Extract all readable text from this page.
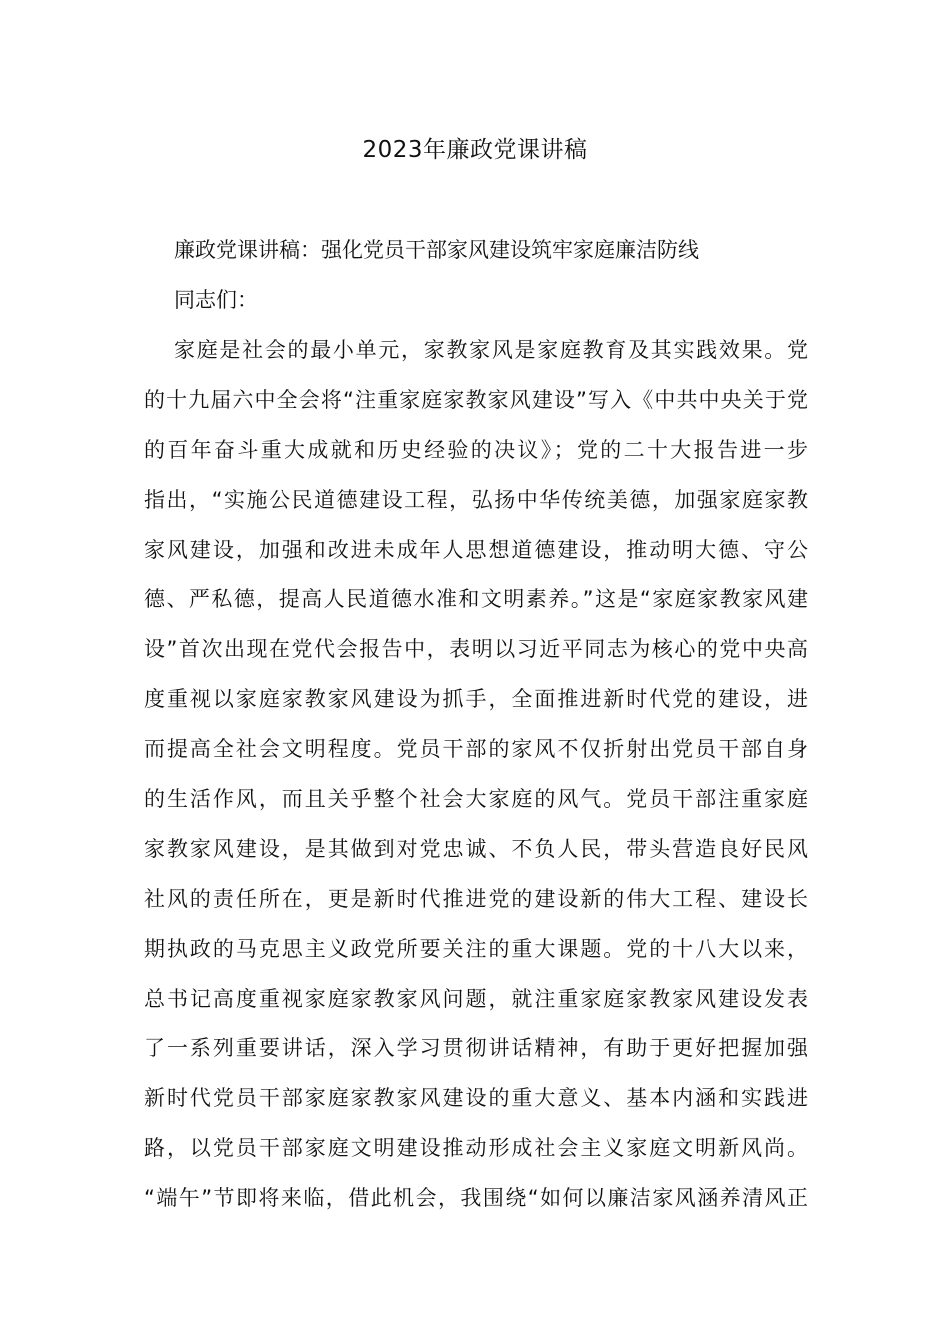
2023年廉政党课讲稿
廉政党课讲稿：强化党员干部家风建设筑牢家庭廉洁防线
同志们：
家庭是社会的最小单元，家教家风是家庭教育及其实践效果。党
的十九届六中全会将“注重家庭家教家风建设”写入《中共中央关于党
的百年奋斗重大成就和历史经验的决议》；党的二十大报告进一步
指出，“实施公民道德建设工程，弘扬中华传统美德，加强家庭家教
家风建设，加强和改进未成年人思想道德建设，推动明大德、守公
德、严私德，提高人民道德水准和文明素养。”这是“家庭家教家风建
设”首次出现在党代会报告中，表明以习近平同志为核心的党中央高
度重视以家庭家教家风建设为抓手，全面推进新时代党的建设，进
而提高全社会文明程度。党员干部的家风不仅折射出党员干部自身
的生活作风，而且关乎整个社会大家庭的风气。党员干部注重家庭
家教家风建设，是其做到对党忠诚、不负人民，带头营造良好民风
社风的责任所在，更是新时代推进党的建设新的伟大工程、建设长
期执政的马克思主义政党所要关注的重大课题。党的十八大以来，
总书记高度重视家庭家教家风问题，就注重家庭家教家风建设发表
了一系列重要讲话，深入学习贯彻讲话精神，有助于更好把握加强
新时代党员干部家庭家教家风建设的重大意义、基本内涵和实践进
路，以党员干部家庭文明建设推动形成社会主义家庭文明新风尚。
“端午”节即将来临，借此机会，我围绕“如何以廉洁家风涵养清风正
